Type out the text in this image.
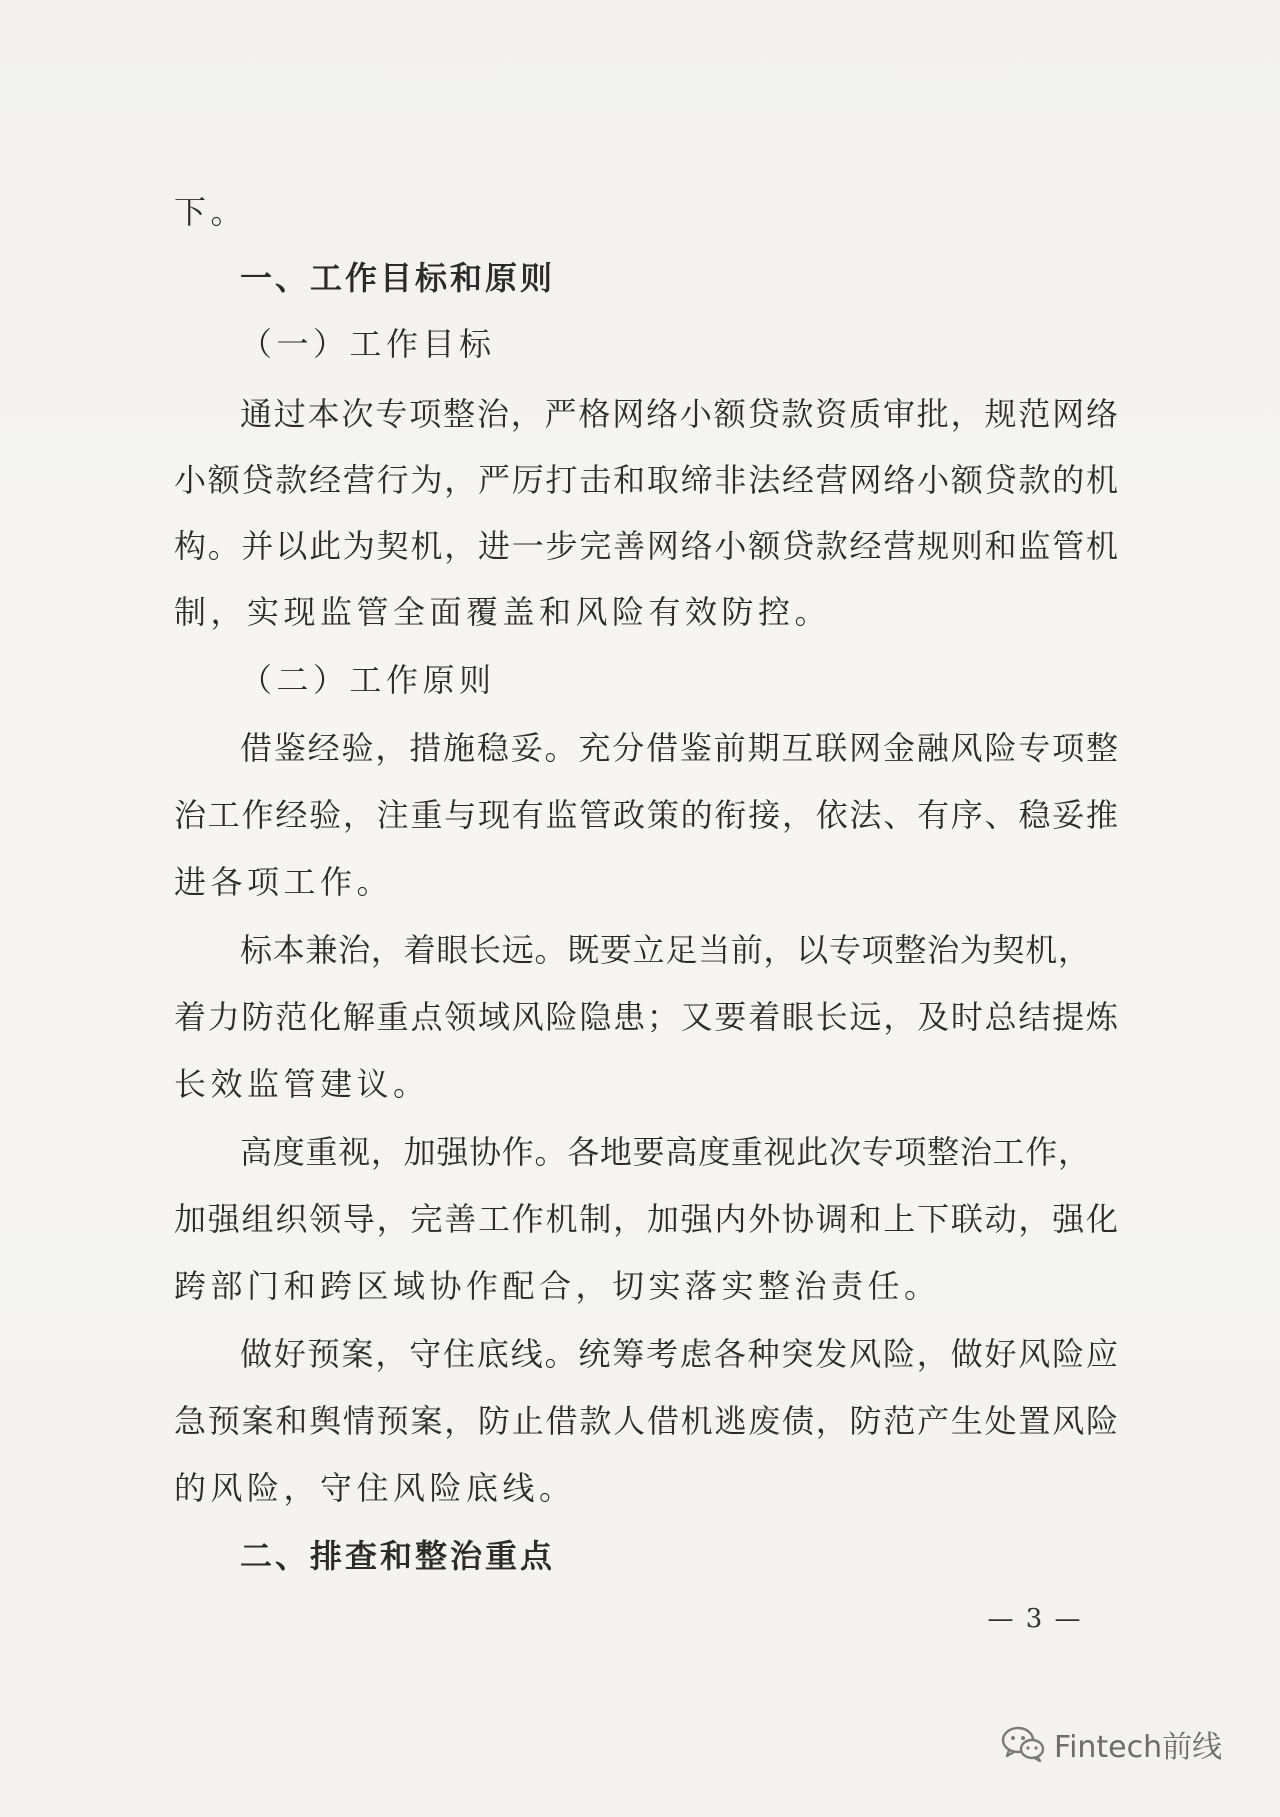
下。
一、工作目标和原则
（一）工作目标
通过本次专项整治，严格网络小额贷款资质审批，规范网络
小额贷款经营行为，严厉打击和取缔非法经营网络小额贷款的机
构。并以此为契机，进一步完善网络小额贷款经营规则和监管机
制，实现监管全面覆盖和风险有效防控。
（二）工作原则
借鉴经验，措施稳妥。充分借鉴前期互联网金融风险专项整
治工作经验，注重与现有监管政策的衔接，依法、有序、稳妥推
进各项工作。
标本兼治，着眼长远。既要立足当前，以专项整治为契机，
着力防范化解重点领域风险隐患；又要着眼长远，及时总结提炼
长效监管建议。
高度重视，加强协作。各地要高度重视此次专项整治工作，
加强组织领导，完善工作机制，加强内外协调和上下联动，强化
跨部门和跨区域协作配合，切实落实整治责任。
做好预案，守住底线。统筹考虑各种突发风险，做好风险应
急预案和舆情预案，防止借款人借机逃废债，防范产生处置风险
的风险，守住风险底线。
二、排查和整治重点
— 3 —
Fintech前线
